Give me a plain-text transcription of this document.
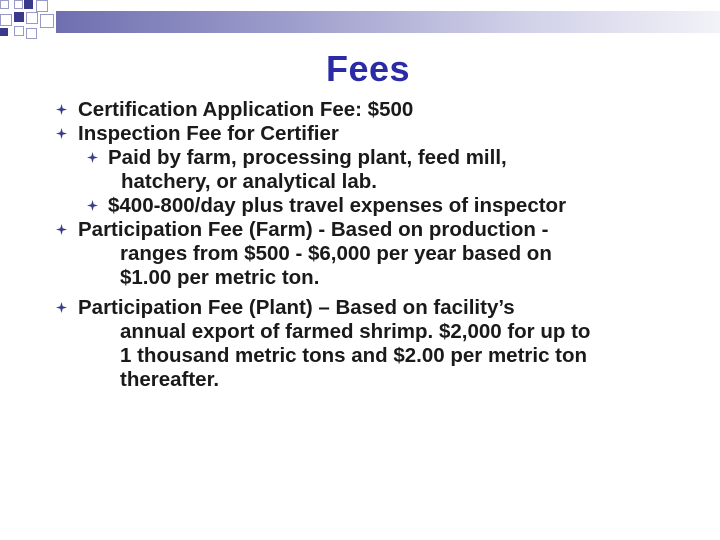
Fees
Certification Application Fee: $500
Inspection Fee for Certifier
Paid by farm, processing plant, feed mill,
hatchery, or analytical lab.
$400-800/day plus travel expenses of inspector
Participation Fee (Farm) - Based on production -
ranges from $500 - $6,000 per year based on
$1.00 per metric ton.
Participation Fee (Plant) – Based on facility’s
annual export of farmed shrimp. $2,000 for up to
1 thousand metric tons and $2.00 per metric ton
thereafter.
